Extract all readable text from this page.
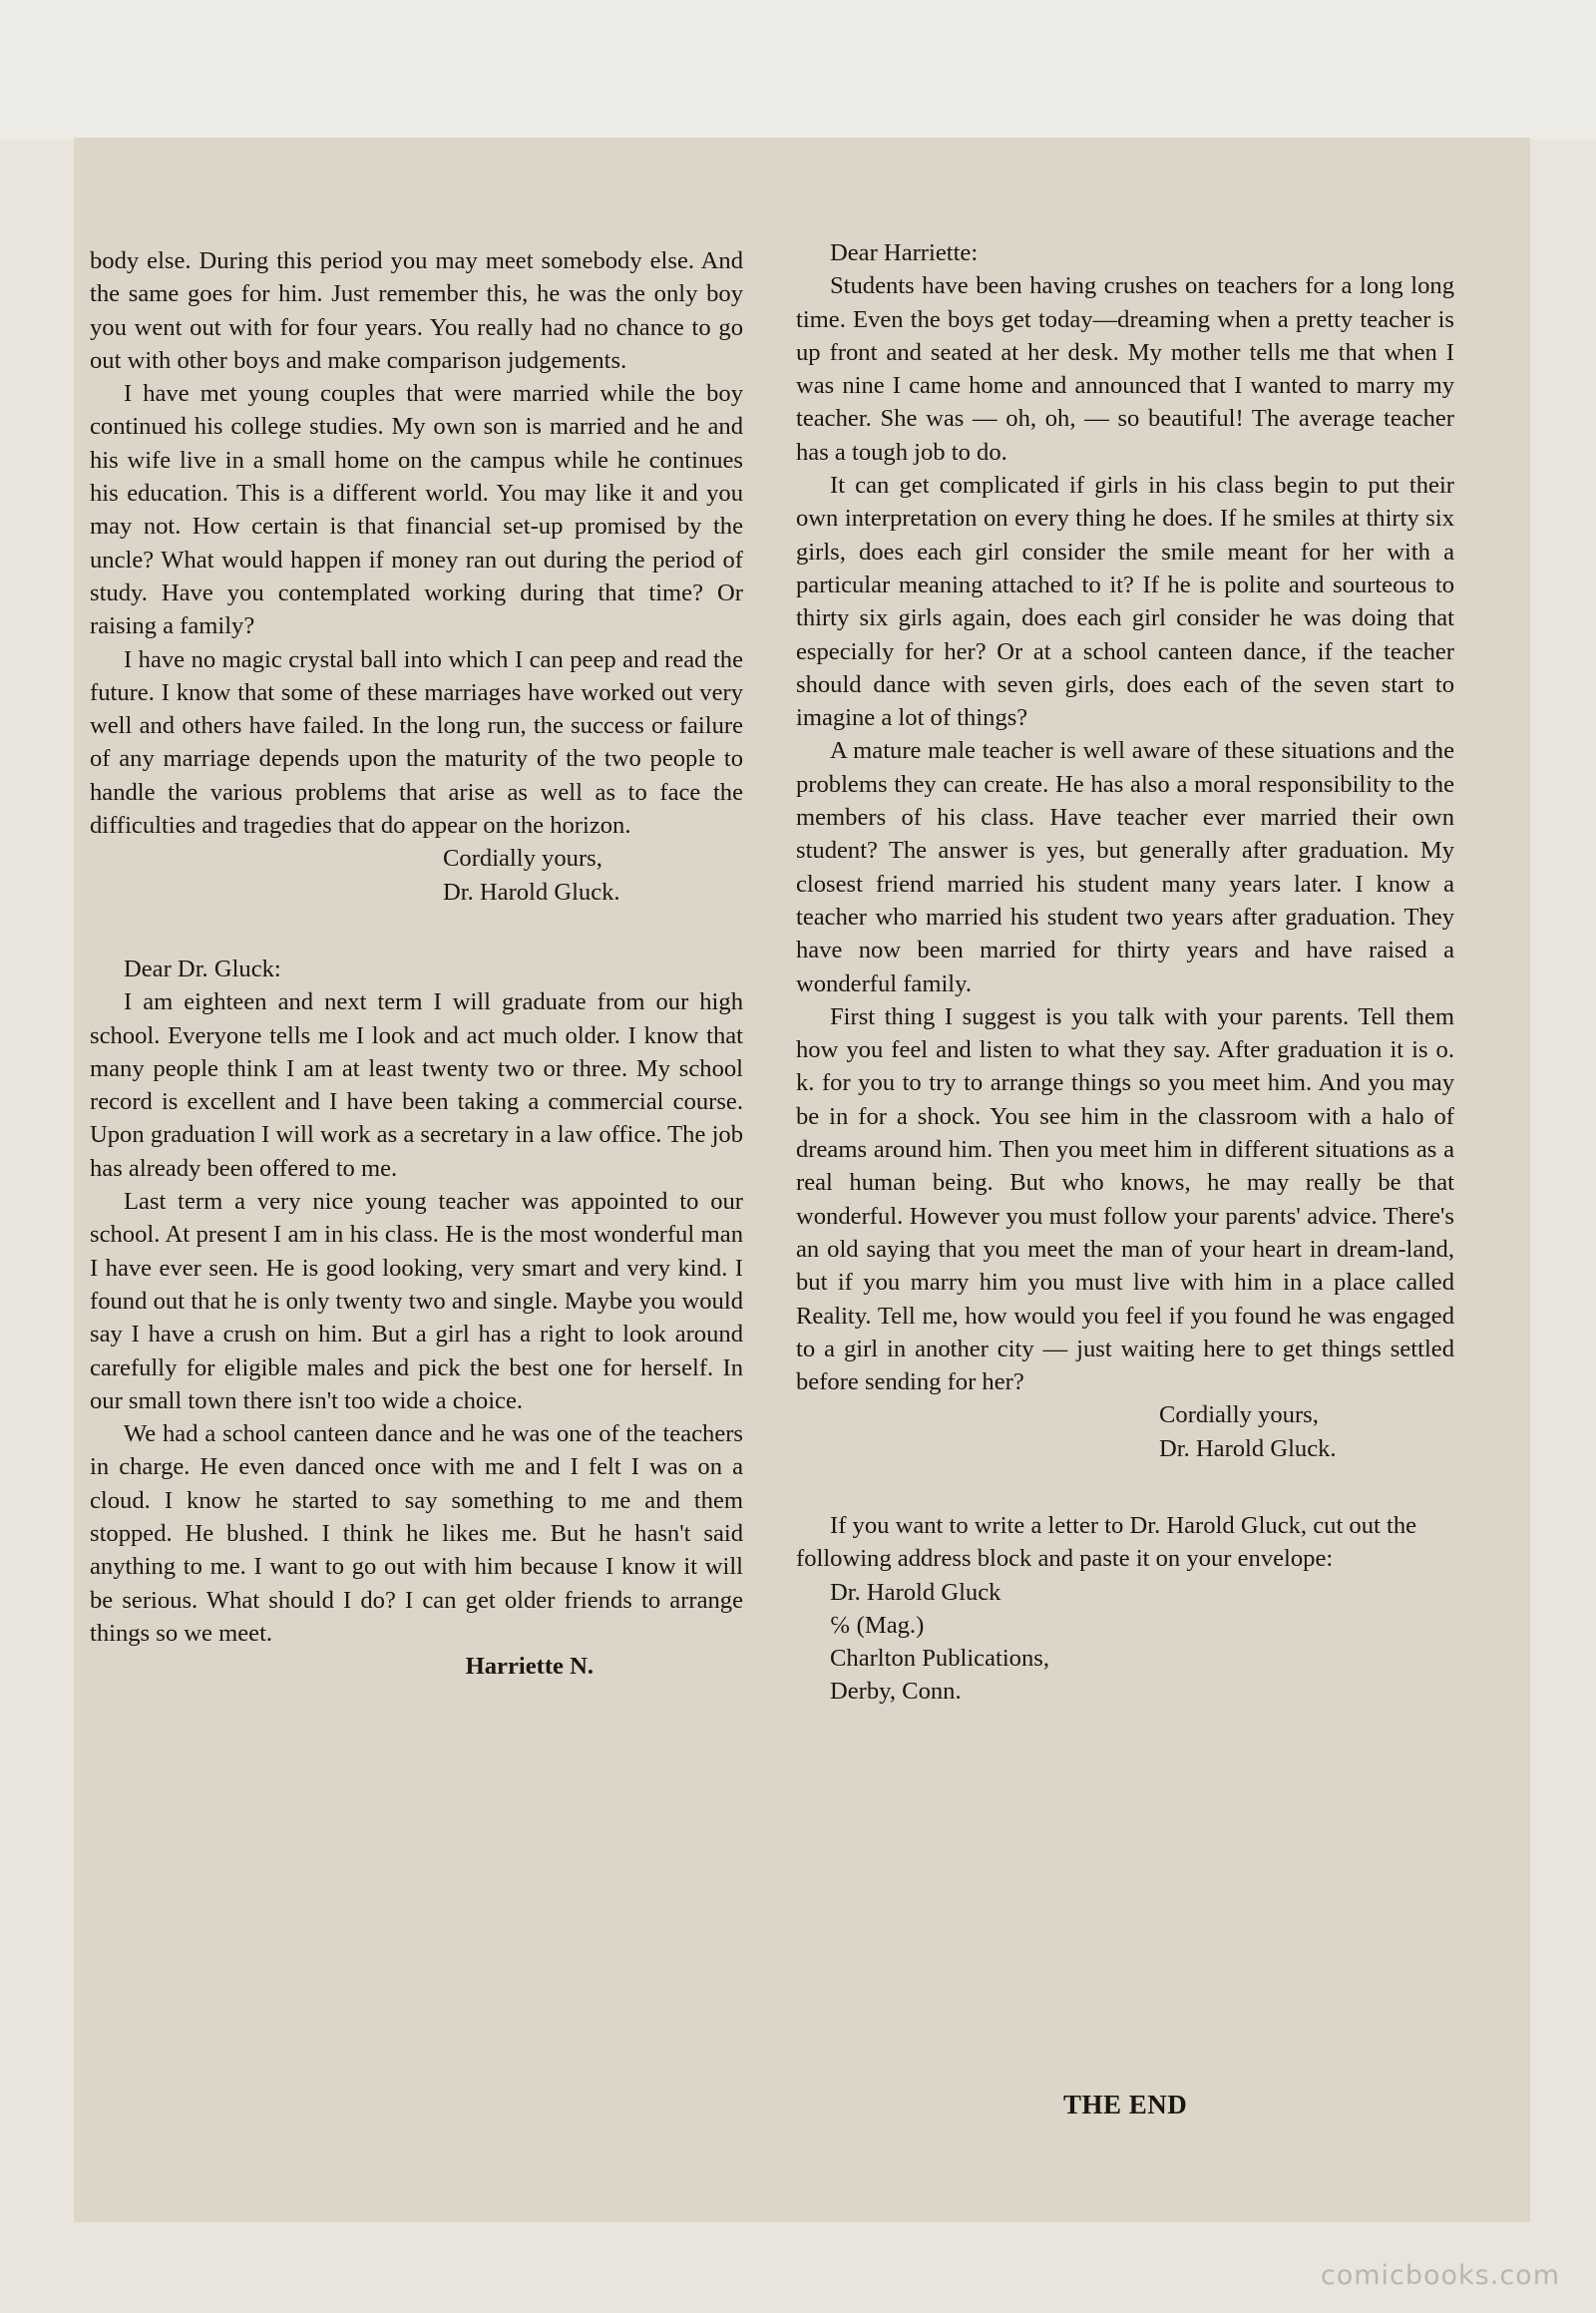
body else. During this period you may meet somebody else. And the same goes for him. Just remember this, he was the only boy you went out with for four years. You really had no chance to go out with other boys and make comparison judgements.

I have met young couples that were married while the boy continued his college studies. My own son is married and he and his wife live in a small home on the campus while he continues his education. This is a different world. You may like it and you may not. How certain is that financial set-up promised by the uncle? What would happen if money ran out during the period of study. Have you contemplated working during that time? Or raising a family?

I have no magic crystal ball into which I can peep and read the future. I know that some of these marriages have worked out very well and others have failed. In the long run, the success or failure of any marriage depends upon the maturity of the two people to handle the various problems that arise as well as to face the difficulties and tragedies that do appear on the horizon.

Cordially yours,

Dr. Harold Gluck.

Dear Dr. Gluck:

I am eighteen and next term I will graduate from our high school. Everyone tells me I look and act much older. I know that many people think I am at least twenty two or three. My school record is excellent and I have been taking a commercial course. Upon graduation I will work as a secretary in a law office. The job has already been offered to me.

Last term a very nice young teacher was appointed to our school. At present I am in his class. He is the most wonderful man I have ever seen. He is good looking, very smart and very kind. I found out that he is only twenty two and single. Maybe you would say I have a crush on him. But a girl has a right to look around carefully for eligible males and pick the best one for herself. In our small town there isn't too wide a choice.

We had a school canteen dance and he was one of the teachers in charge. He even danced once with me and I felt I was on a cloud. I know he started to say something to me and them stopped. He blushed. I think he likes me. But he hasn't said anything to me. I want to go out with him because I know it will be serious. What should I do? I can get older friends to arrange things so we meet.

Harriette N.

Dear Harriette:

Students have been having crushes on teachers for a long long time. Even the boys get today—dreaming when a pretty teacher is up front and seated at her desk. My mother tells me that when I was nine I came home and announced that I wanted to marry my teacher. She was — oh, oh, — so beautiful! The average teacher has a tough job to do.

It can get complicated if girls in his class begin to put their own interpretation on every thing he does. If he smiles at thirty six girls, does each girl consider the smile meant for her with a particular meaning attached to it? If he is polite and sourteous to thirty six girls again, does each girl consider he was doing that especially for her? Or at a school canteen dance, if the teacher should dance with seven girls, does each of the seven start to imagine a lot of things?

A mature male teacher is well aware of these situations and the problems they can create. He has also a moral responsibility to the members of his class. Have teacher ever married their own student? The answer is yes, but generally after graduation. My closest friend married his student many years later. I know a teacher who married his student two years after graduation. They have now been married for thirty years and have raised a wonderful family.

First thing I suggest is you talk with your parents. Tell them how you feel and listen to what they say. After graduation it is o. k. for you to try to arrange things so you meet him. And you may be in for a shock. You see him in the classroom with a halo of dreams around him. Then you meet him in different situations as a real human being. But who knows, he may really be that wonderful. However you must follow your parents' advice. There's an old saying that you meet the man of your heart in dream-land, but if you marry him you must live with him in a place called Reality. Tell me, how would you feel if you found he was engaged to a girl in another city — just waiting here to get things settled before sending for her?

Cordially yours,

Dr. Harold Gluck.

If you want to write a letter to Dr. Harold Gluck, cut out the following address block and paste it on your envelope:

Dr. Harold Gluck

℅ (Mag.)

Charlton Publications,

Derby, Conn.

THE END
comicbooks.com
